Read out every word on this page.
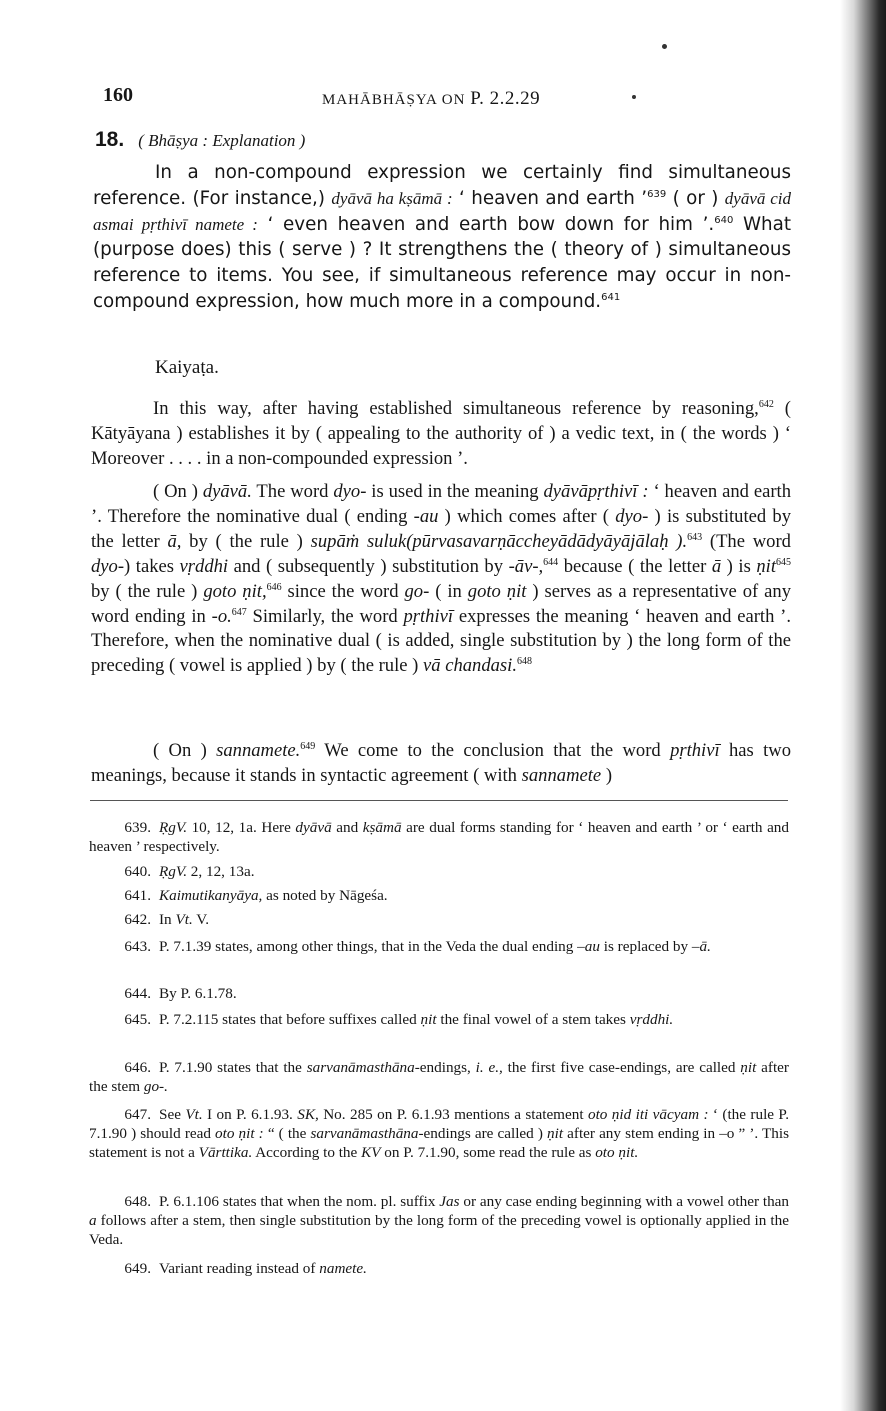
160	MAHĀBHĀṢYA ON P. 2.2.29
18. ( Bhāṣya : Explanation )

In a non-compound expression we certainly find simultaneous reference. (For instance,) dyāvā ha kṣāmā : ‘ heaven and earth ’$^{639}$ ( or ) dyāvā cid asmai pṛthivī namete : ‘ even heaven and earth bow down for him ’.$^{640}$ What (purpose does) this ( serve ) ? It strengthens the ( theory of ) simultaneous reference to items. You see, if simultaneous reference may occur in non-compound expression, how much more in a compound.$^{641}$

Kaiyaṭa.

In this way, after having established simultaneous reference by reasoning,$^{642}$ ( Kātyāyana ) establishes it by ( appealing to the authority of ) a vedic text, in ( the words ) ‘ Moreover . . . . in a non-compounded expression ’.

( On ) dyāvā. The word dyo- is used in the meaning dyāvāpṛthivī : ‘ heaven and earth ’. Therefore the nominative dual ( ending -au ) which comes after ( dyo- ) is substituted by the letter ā, by ( the rule ) supāṁ suluk(pūrvasavarṇācchеyādādyāyājālaḥ ).$^{643}$ (The word dyo-) takes vṛddhi and ( subsequently ) substitution by -āv-,$^{644}$ because ( the letter ā ) is ṇit$^{645}$ by ( the rule ) goto ṇit,$^{646}$ since the word go- ( in goto ṇit ) serves as a representative of any word ending in -o.$^{647}$ Similarly, the word pṛthivī expresses the meaning ‘ heaven and earth ’. Therefore, when the nominative dual ( is added, single substitution by ) the long form of the preceding ( vowel is applied ) by ( the rule ) vā chandasi.$^{648}$

( On ) sannamete.$^{649}$ We come to the conclusion that the word pṛthivī has two meanings, because it stands in syntactic agreement ( with sannamete )

639. ṚgV. 10, 12, 1a. Here dyāvā and kṣāmā are dual forms standing for ‘ heaven and earth ’ or ‘ earth and heaven ’ respectively.
640. ṚgV. 2, 12, 13a.
641. Kaimutikanyāya, as noted by Nāgeśa.
642. In Vt. V.
643. P. 7.1.39 states, among other things, that in the Veda the dual ending –au is replaced by –ā.
644. By P. 6.1.78.
645. P. 7.2.115 states that before suffixes called ṇit the final vowel of a stem takes vṛddhi.
646. P. 7.1.90 states that the sarvanāmasthāna-endings, i. e., the first five case-endings, are called ṇit after the stem go-.
647. See Vt. I on P. 6.1.93. SK, No. 285 on P. 6.1.93 mentions a statement oto ṇid iti vācyam : ‘ (the rule P. 7.1.90 ) should read oto ṇit : “ ( the sarvanāmasthāna-endings are called ) ṇit after any stem ending in –o ” ’. This statement is not a Vārttika. According to the KV on P. 7.1.90, some read the rule as oto ṇit.
648. P. 6.1.106 states that when the nom. pl. suffix Jas or any case ending beginning with a vowel other than a follows after a stem, then single substitution by the long form of the preceding vowel is optionally applied in the Veda.
649. Variant reading instead of namete.
